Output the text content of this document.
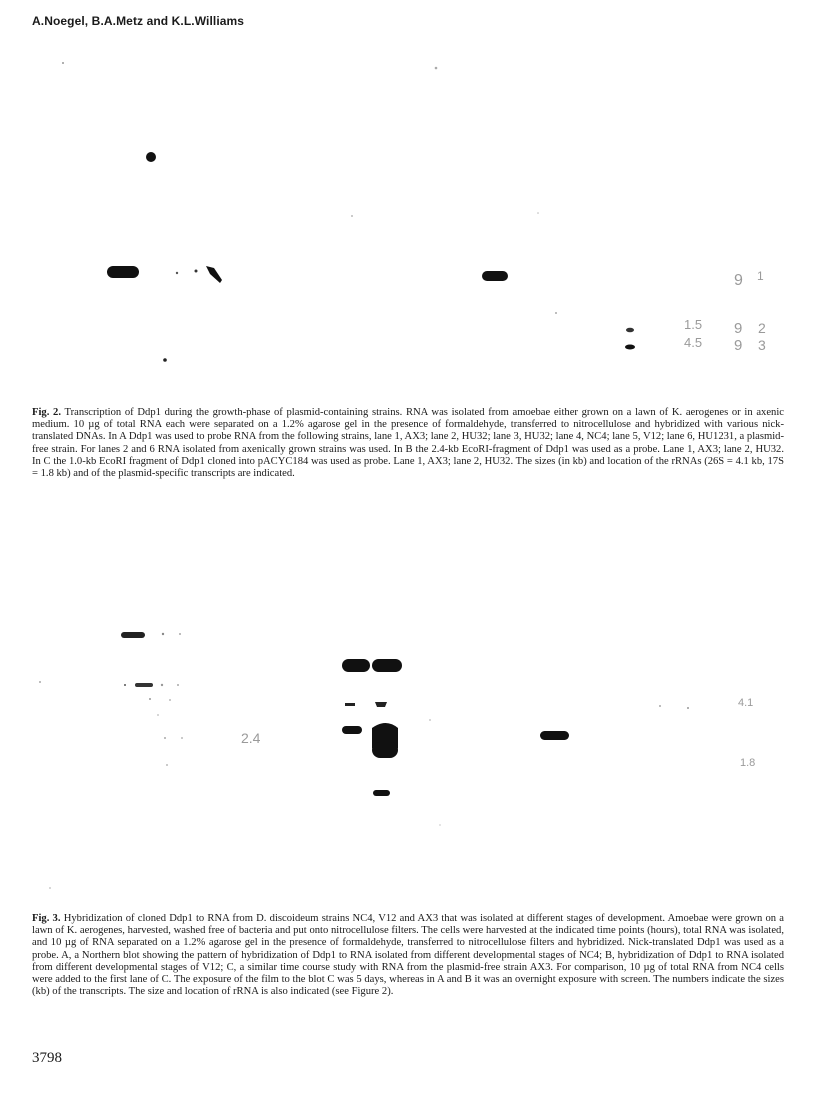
A.Noegel, B.A.Metz and K.L.Williams
9 1
1.5 9 2
4.5 9 3

Fig. 2. Transcription of Ddp1 during the growth-phase of plasmid-containing strains. RNA was isolated from amoebae either grown on a lawn of K. aerogenes or in axenic medium. 10 µg of total RNA each were separated on a 1.2% agarose gel in the presence of formaldehyde, transferred to nitrocellulose and hybridized with various nick-translated DNAs. In A Ddp1 was used to probe RNA from the following strains, lane 1, AX3; lane 2, HU32; lane 3, HU32; lane 4, NC4; lane 5, V12; lane 6, HU1231, a plasmid-free strain. For lanes 2 and 6 RNA isolated from axenically grown strains was used. In B the 2.4-kb EcoRI-fragment of Ddp1 was used as a probe. Lane 1, AX3; lane 2, HU32. In C the 1.0-kb EcoRI fragment of Ddp1 cloned into pACYC184 was used as probe. Lane 1, AX3; lane 2, HU32. The sizes (in kb) and location of the rRNAs (26S = 4.1 kb, 17S = 1.8 kb) and of the plasmid-specific transcripts are indicated.

2.4
4.1
1.8

Fig. 3. Hybridization of cloned Ddp1 to RNA from D. discoideum strains NC4, V12 and AX3 that was isolated at different stages of development. Amoebae were grown on a lawn of K. aerogenes, harvested, washed free of bacteria and put onto nitrocellulose filters. The cells were harvested at the indicated time points (hours), total RNA was isolated, and 10 µg of RNA separated on a 1.2% agarose gel in the presence of formaldehyde, transferred to nitrocellulose filters and hybridized. Nick-translated Ddp1 was used as a probe. A, a Northern blot showing the pattern of hybridization of Ddp1 to RNA isolated from different developmental stages of NC4; B, hybridization of Ddp1 to RNA isolated from different developmental stages of V12; C, a similar time course study with RNA from the plasmid-free strain AX3. For comparison, 10 µg of total RNA from NC4 cells were added to the first lane of C. The exposure of the film to the blot C was 5 days, whereas in A and B it was an overnight exposure with screen. The numbers indicate the sizes (kb) of the transcripts. The size and location of rRNA is also indicated (see Figure 2).

3798
